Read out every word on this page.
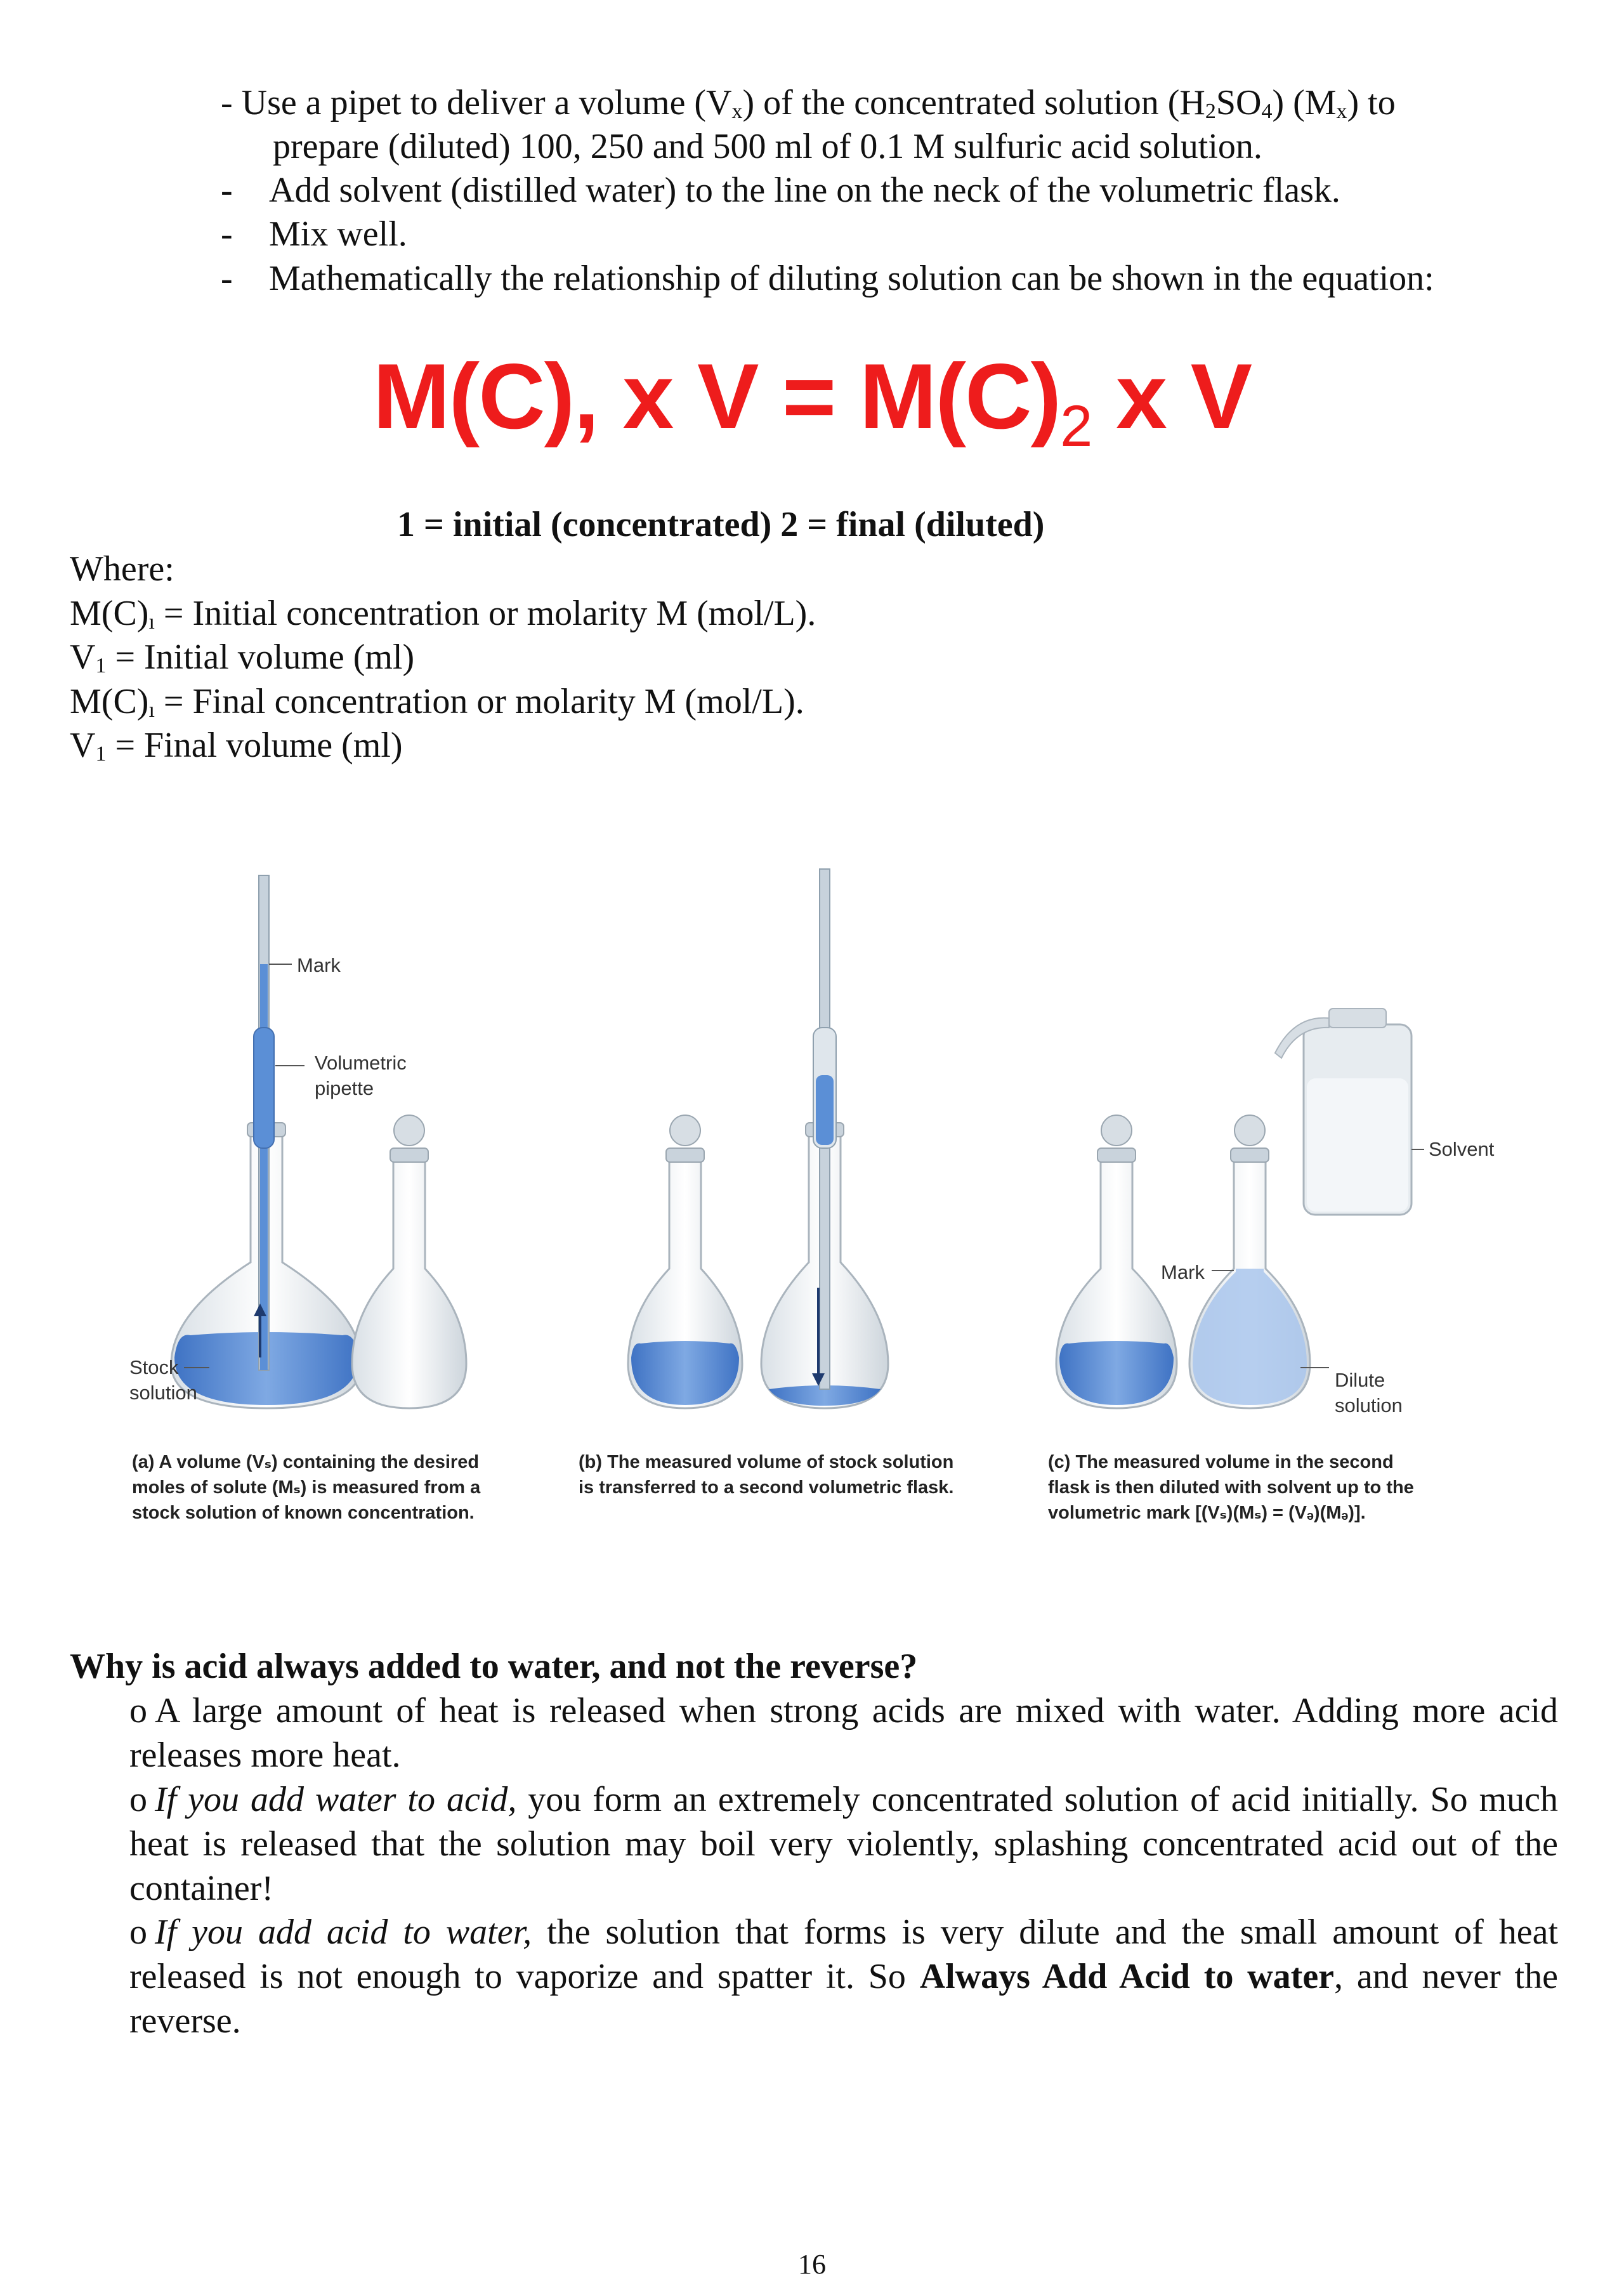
- Use a pipet to deliver a volume (Vx) of the concentrated solution (H2SO4) (Mx) to
prepare (diluted) 100, 250 and 500 ml of 0.1 M sulfuric acid solution.
- Add solvent (distilled water) to the line on the neck of the volumetric flask.
- Mix well.
- Mathematically the relationship of diluting solution can be shown in the equation:
M(C), x $V = M(C)_2$ x V
1 = initial (concentrated) 2 = final (diluted)
Where:
M(C)ı = Initial concentration or molarity M (mol/L).
V1 = Initial volume (ml)
M(C)ı = Final concentration or molarity M (mol/L).
V1 = Final volume (ml)
Mark
Volumetric
pipette
Stock
solution
Solvent
Mark
Dilute
solution
(a) A volume (Vₛ) containing the desired
moles of solute (Mₛ) is measured from a
stock solution of known concentration.
(b) The measured volume of stock solution
is transferred to a second volumetric flask.
(c) The measured volume in the second
flask is then diluted with solvent up to the
volumetric mark [(Vₛ)(Mₛ) = (Vₔ)(Mₔ)].
Why is acid always added to water, and not the reverse?
o A large amount of heat is released when strong acids are mixed with water. Adding more acid releases more heat.
o If you add water to acid, you form an extremely concentrated solution of acid initially. So much heat is released that the solution may boil very violently, splashing concentrated acid out of the container!
o If you add acid to water, the solution that forms is very dilute and the small amount of heat released is not enough to vaporize and spatter it. So Always Add Acid to water, and never the reverse.
16
